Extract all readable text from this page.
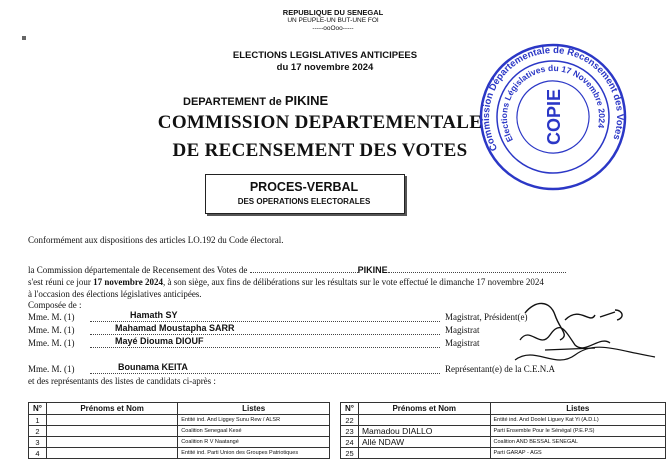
REPUBLIQUE DU SENEGAL
UN PEUPLE-UN BUT-UNE FOI
-----ooOoo-----
ELECTIONS LEGISLATIVES ANTICIPEES
du 17 novembre 2024
DEPARTEMENT de PIKINE
COMMISSION DEPARTEMENTALE
DE RECENSEMENT DES VOTES
PROCES-VERBAL
DES OPERATIONS ELECTORALES
Commission Départementale de Recensement des Votes
Elections Législatives du 17 Novembre 2024
COPIE
Conformément aux dispositions des articles LO.192 du Code électoral.
la Commission départementale de Recensement des Votes de	PIKINE
s'est réuni ce jour 17 novembre 2024, à son siège, aux fins de délibérations sur les résultats sur le vote effectué le dimanche 17 novembre 2024
à l'occasion des élections législatives anticipées.
Composée de :
Mme. M. (1)	Hamath SY	Magistrat, Président(e)
Mme. M. (1)	Mahamad Moustapha SARR	Magistrat
Mme. M. (1)	Mayé Diouma DIOUF	Magistrat
Mme. M. (1)	Bounama KEITA	Représentant(e) de la C.E.N.A
et des représentants des listes de candidats ci-après :
N°	Prénoms et Nom	Listes
1		Entité ind. And Liggey Sunu Rew / ALSR
2		Coalition Senegaal Kesé
3		Coalition R V Naatangé
4		Entité ind. Parti Union des Groupes Patriotiques
N°	Prénoms et Nom	Listes
22		Entité ind. And Doolel Liguey Kat Yi (A.D.L)
23	Mamadou DIALLO	Parti Ensemble Pour le Sénégal (P.E.P.S)
24	Allé NDAW	Coalition AND BESSAL SENEGAL
25		Parti GARAP - AGS
